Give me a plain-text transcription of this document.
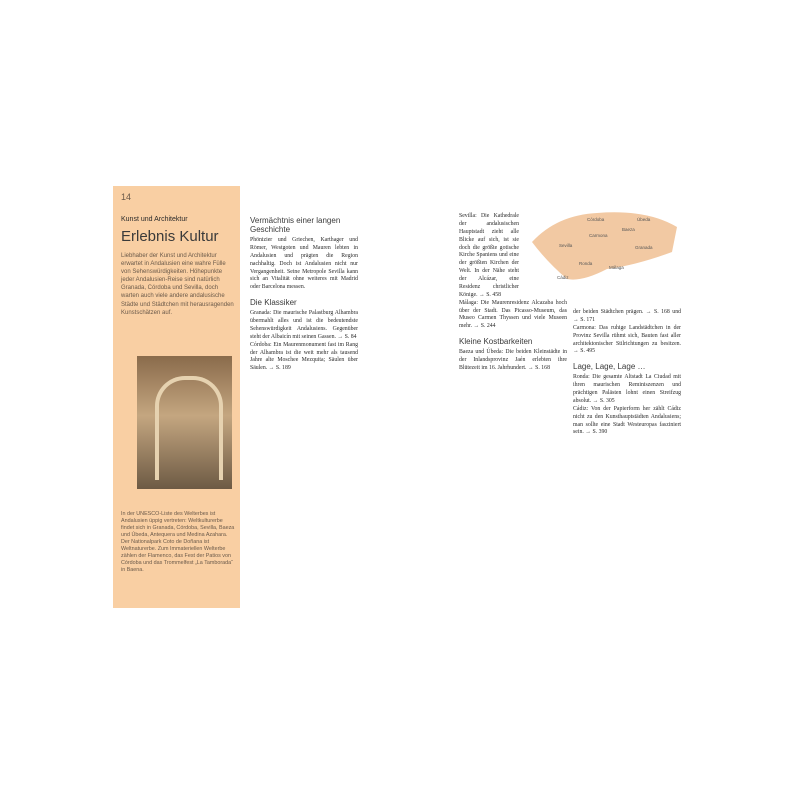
14
Kunst und Architektur
Erlebnis Kultur
Liebhaber der Kunst und Architektur erwartet in Andalusien eine wahre Fülle von Sehenswürdigkeiten. Höhepunkte jeder Andalusien-Reise sind natürlich Granada, Córdoba und Sevilla, doch warten auch viele andere andalusische Städte und Städtchen mit herausragenden Kunstschätzen auf.
In der UNESCO-Liste des Welterbes ist Andalusien üppig vertreten: Weltkulturerbe findet sich in Granada, Córdoba, Sevilla, Baeza und Úbeda, Antequera und Medina Azahara. Der Nationalpark Coto de Doñana ist Weltnaturerbe. Zum Immateriellen Welterbe zählen der Flamenco, das Fest der Patios von Córdoba und das Trommelfest „La Tamborada“ in Baena.
Vermächtnis einer langen Geschichte

Phönizier und Griechen, Karthager und Römer, Westgoten und Mauren lebten in Andalusien und prägten die Region nachhaltig. Doch ist Andalusien nicht nur Vergangenheit. Seine Metropole Sevilla kann sich an Vitalität ohne weiteres mit Madrid oder Barcelona messen.

Die Klassiker

Granada: Die maurische Palastburg Alhambra übermahlt alles und ist die bedeutendste Sehenswürdigkeit Andalusiens. Gegenüber steht der Albaicín mit seinen Gassen. → S. 84

Córdoba: Ein Maurenmonument fast im Rang der Alhambra ist die weit mehr als tausend Jahre alte Moschee Mezquita; Säulen über Säulen. → S. 189

Córdoba	Úbeda
Baeza
Carmona
Sevilla	Granada
Ronda
Málaga
Cádiz

Sevilla: Die Kathedrale der andalusischen Hauptstadt zieht alle Blicke auf sich, ist sie doch die größte gotische Kirche Spaniens und eine der größten Kirchen der Welt. In der Nähe steht der Alcázar, eine Residenz christlicher Könige. → S. 458

Málaga: Die Maurenresidenz Alcazaba hoch über der Stadt. Das Picasso-Museum, das Museo Carmen Thyssen und viele Museen mehr. → S. 244

Kleine Kostbarkeiten

Baeza und Úbeda: Die beiden Kleinstädte in der Inlandsprovinz Jaén erlebten ihre Blütezeit im 16. Jahrhundert. → S. 168

der beiden Städtchen prägen. → S. 168 und → S. 171

Carmona: Das ruhige Landstädtchen in der Provinz Sevilla rühmt sich, Bauten fast aller architektonischer Stilrichtungen zu besitzen. → S. 495

Lage, Lage, Lage …

Ronda: Die gesamte Altstadt La Ciudad mit ihren maurischen Reminiszenzen und prächtigen Palästen lohnt einen Streifzug absolut. → S. 305

Cádiz: Von der Papierform her zählt Cádiz nicht zu den Kunsthauptstädten Andalusiens; man sollte eine Stadt Westeuropas fasziniert sein. → S. 390
